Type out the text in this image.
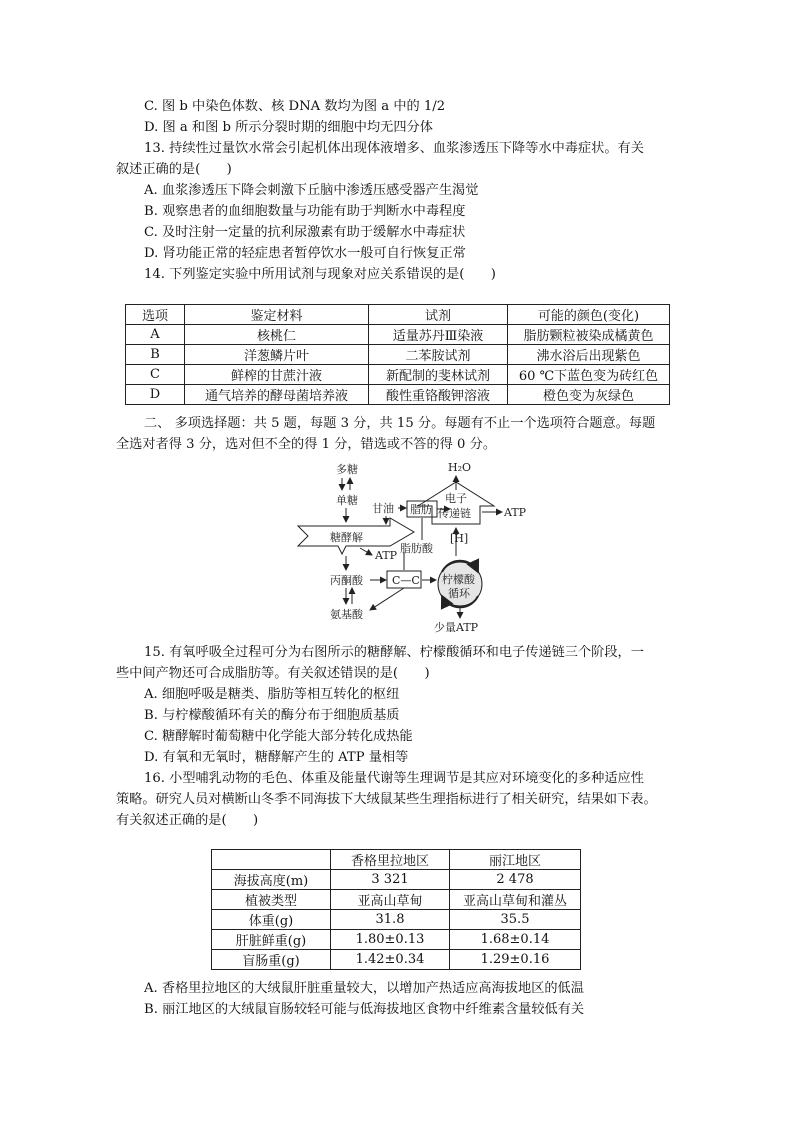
C. 图 b 中染色体数、核 DNA 数均为图 a 中的 1/2
D. 图 a 和图 b 所示分裂时期的细胞中均无四分体
13. 持续性过量饮水常会引起机体出现体液增多、血浆渗透压下降等水中毒症状。有关
叙述正确的是(　　)
A. 血浆渗透压下降会刺激下丘脑中渗透压感受器产生渴觉
B. 观察患者的血细胞数量与功能有助于判断水中毒程度
C. 及时注射一定量的抗利尿激素有助于缓解水中毒症状
D. 肾功能正常的轻症患者暂停饮水一般可自行恢复正常
14. 下列鉴定实验中所用试剂与现象对应关系错误的是(　　)
选项	鉴定材料	试剂	可能的颜色(变化)
A	核桃仁	适量苏丹Ⅲ染液	脂肪颗粒被染成橘黄色
B	洋葱鳞片叶	二苯胺试剂	沸水浴后出现紫色
C	鲜榨的甘蔗汁液	新配制的斐林试剂	60 ℃下蓝色变为砖红色
D	通气培养的酵母菌培养液	酸性重铬酸钾溶液	橙色变为灰绿色
二、 多项选择题：共 5 题，每题 3 分，共 15 分。每题有不止一个选项符合题意。每题
全选对者得 3 分，选对但不全的得 1 分，错选或不答的得 0 分。
多糖
单糖
糖酵解
ATP
丙酮酸
氨基酸
C—C
甘油 脂肪
脂肪酸
H₂O
电子
传递链	ATP
[H]
柠檬酸
循环
少量ATP
15. 有氧呼吸全过程可分为右图所示的糖酵解、柠檬酸循环和电子传递链三个阶段，一
些中间产物还可合成脂肪等。有关叙述错误的是(　　)
A. 细胞呼吸是糖类、脂肪等相互转化的枢纽
B. 与柠檬酸循环有关的酶分布于细胞质基质
C. 糖酵解时葡萄糖中化学能大部分转化成热能
D. 有氧和无氧时，糖酵解产生的 ATP 量相等
16. 小型哺乳动物的毛色、体重及能量代谢等生理调节是其应对环境变化的多种适应性
策略。研究人员对横断山冬季不同海拔下大绒鼠某些生理指标进行了相关研究，结果如下表。
有关叙述正确的是(　　)
	香格里拉地区	丽江地区
海拔高度(m)	3 321	2 478
植被类型	亚高山草甸	亚高山草甸和灌丛
体重(g)	31.8	35.5
肝脏鲜重(g)	1.80±0.13	1.68±0.14
盲肠重(g)	1.42±0.34	1.29±0.16
A. 香格里拉地区的大绒鼠肝脏重量较大，以增加产热适应高海拔地区的低温
B. 丽江地区的大绒鼠盲肠较轻可能与低海拔地区食物中纤维素含量较低有关
